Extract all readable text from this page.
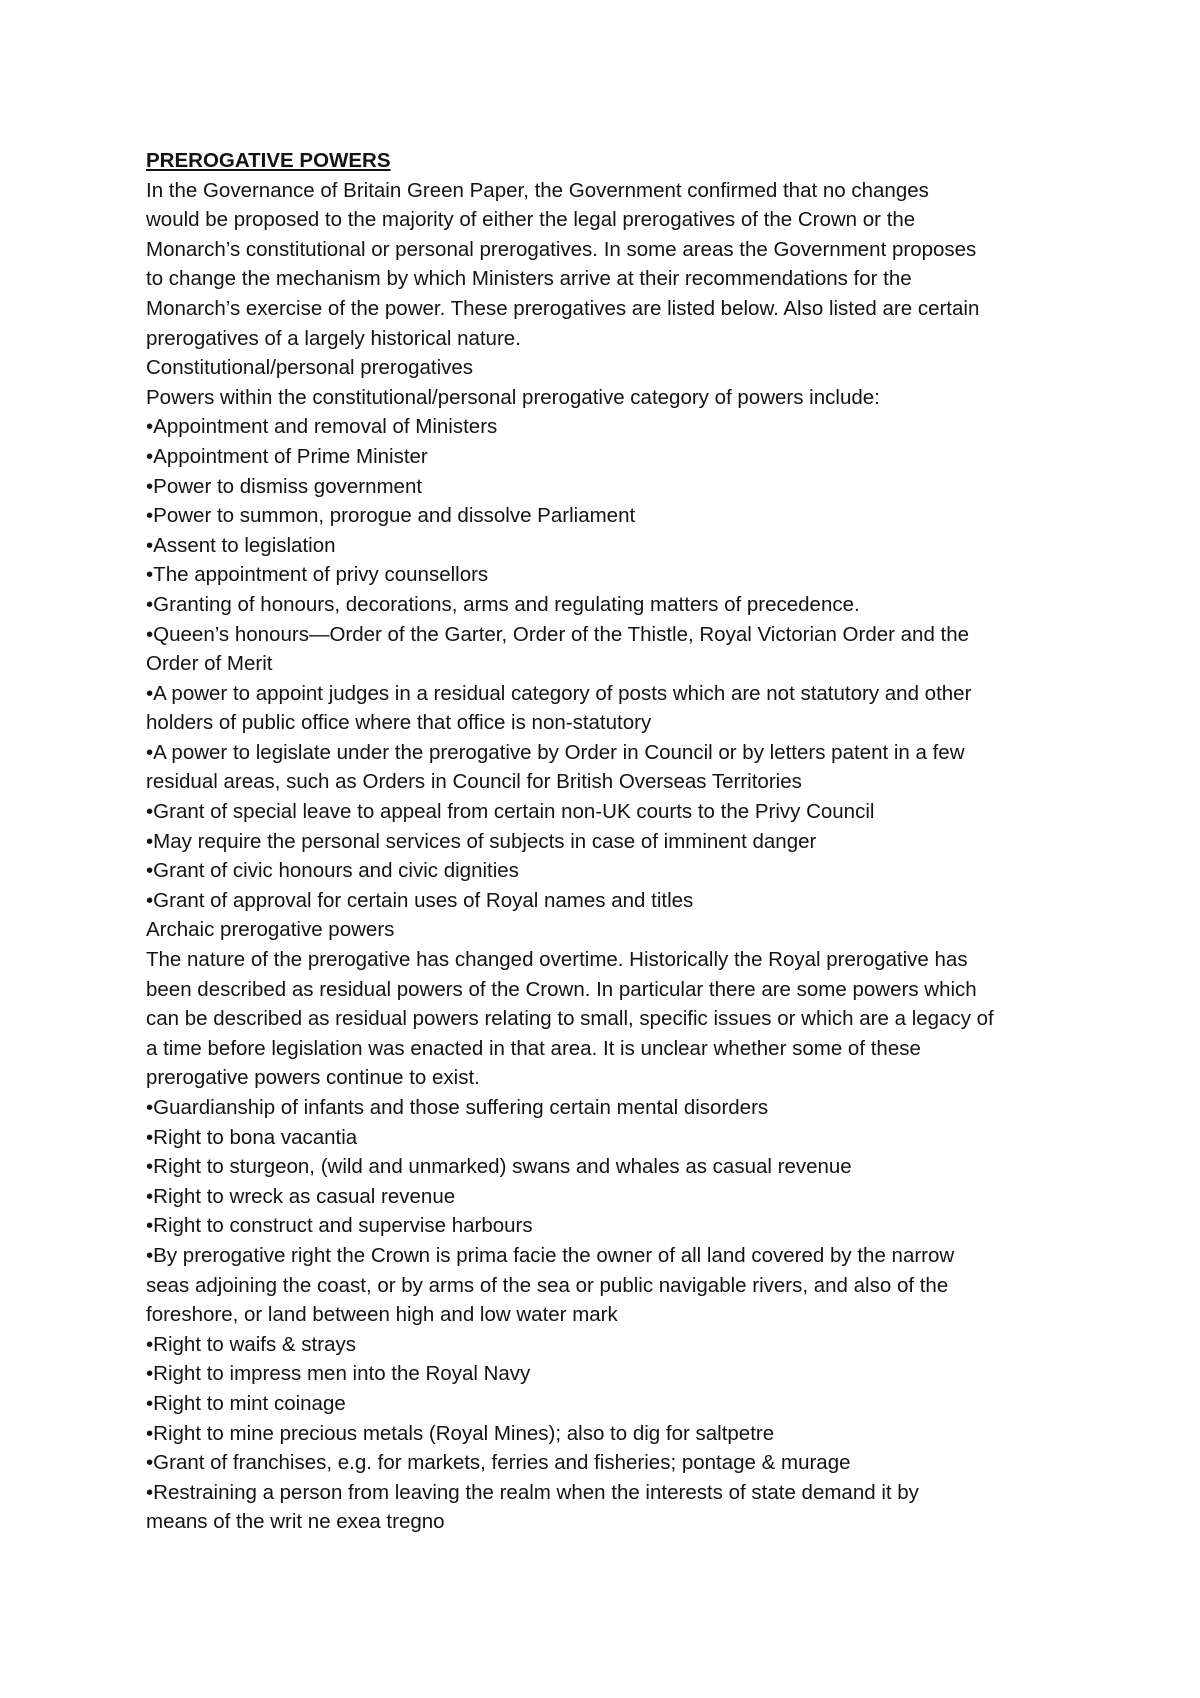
PREROGATIVE POWERS
In the Governance of Britain Green Paper, the Government confirmed that no changes
would be proposed to the majority of either the legal prerogatives of the Crown or the
Monarch’s constitutional or personal prerogatives. In some areas the Government proposes
to change the mechanism by which Ministers arrive at their recommendations for the
Monarch’s exercise of the power. These prerogatives are listed below. Also listed are certain
prerogatives of a largely historical nature.
Constitutional/personal prerogatives
Powers within the constitutional/personal prerogative category of powers include:
•Appointment and removal of Ministers
•Appointment of Prime Minister
•Power to dismiss government
•Power to summon, prorogue and dissolve Parliament
•Assent to legislation
•The appointment of privy counsellors
•Granting of honours, decorations, arms and regulating matters of precedence.
•Queen’s honours—Order of the Garter, Order of the Thistle, Royal Victorian Order and the
Order of Merit
•A power to appoint judges in a residual category of posts which are not statutory and other
holders of public office where that office is non-statutory
•A power to legislate under the prerogative by Order in Council or by letters patent in a few
residual areas, such as Orders in Council for British Overseas Territories
•Grant of special leave to appeal from certain non-UK courts to the Privy Council
•May require the personal services of subjects in case of imminent danger
•Grant of civic honours and civic dignities
•Grant of approval for certain uses of Royal names and titles
Archaic prerogative powers
The nature of the prerogative has changed overtime. Historically the Royal prerogative has
been described as residual powers of the Crown. In particular there are some powers which
can be described as residual powers relating to small, specific issues or which are a legacy of
a time before legislation was enacted in that area. It is unclear whether some of these
prerogative powers continue to exist.
•Guardianship of infants and those suffering certain mental disorders
•Right to bona vacantia
•Right to sturgeon, (wild and unmarked) swans and whales as casual revenue
•Right to wreck as casual revenue
•Right to construct and supervise harbours
•By prerogative right the Crown is prima facie the owner of all land covered by the narrow
seas adjoining the coast, or by arms of the sea or public navigable rivers, and also of the
foreshore, or land between high and low water mark
•Right to waifs & strays
•Right to impress men into the Royal Navy
•Right to mint coinage
•Right to mine precious metals (Royal Mines); also to dig for saltpetre
•Grant of franchises, e.g. for markets, ferries and fisheries; pontage & murage
•Restraining a person from leaving the realm when the interests of state demand it by
means of the writ ne exea tregno
